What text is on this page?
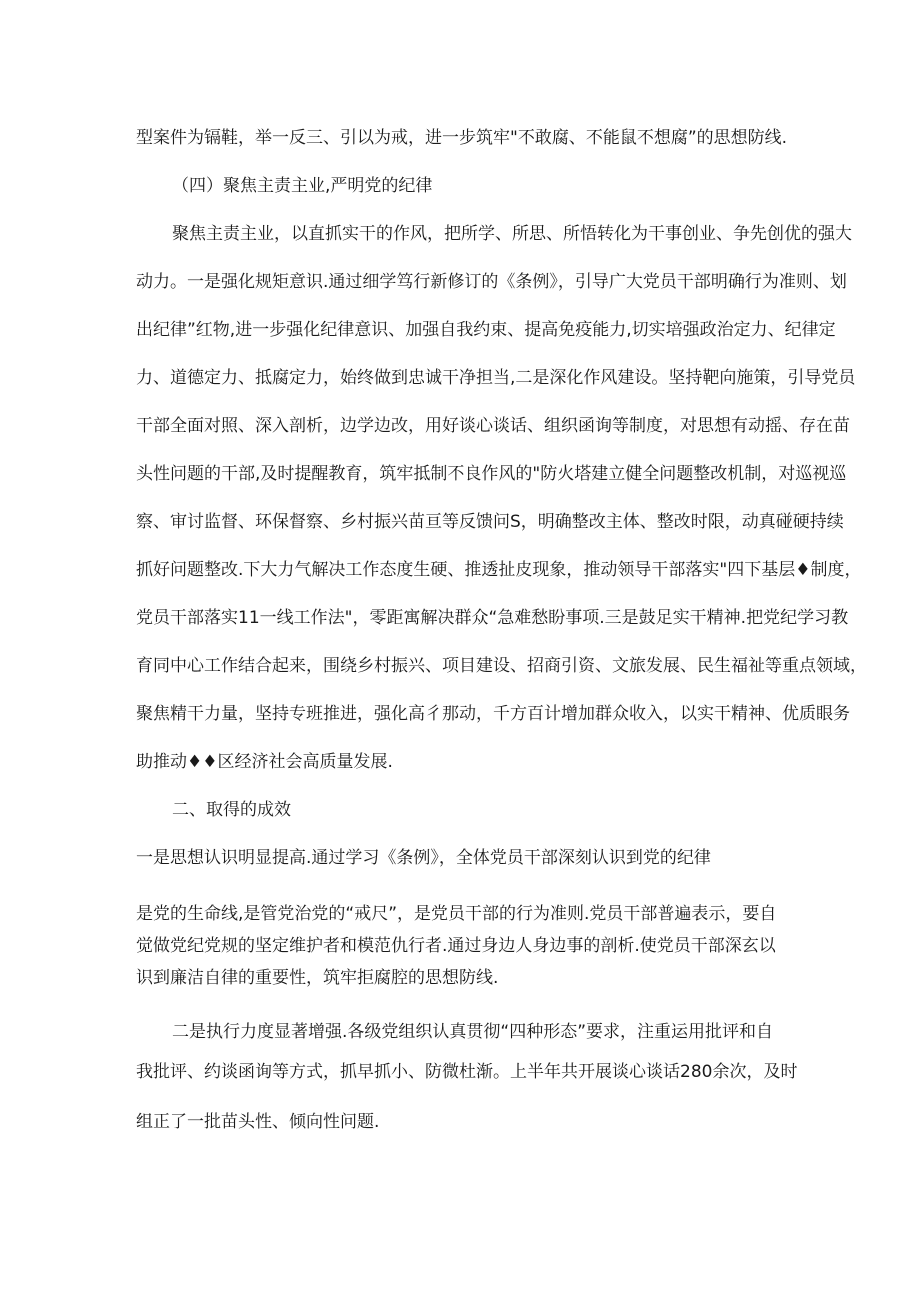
型案件为镉鞋，举一反三、引以为戒，进一步筑牢"不敢腐、不能鼠不想腐”的思想防线.
（四）聚焦主责主业,严明党的纪律
聚焦主责主业，以直抓实干的作风，把所学、所思、所悟转化为干事创业、争先创优的强大
动力。一是强化规矩意识.通过细学笃行新修订的《条例》，引导广大党员干部明确行为准则、划
出纪律”红物,进一步强化纪律意识、加强自我约束、提高免疫能力,切实培强政治定力、纪律定
力、道德定力、抵腐定力，始终做到忠诚干净担当,二是深化作风建设。坚持靶向施策，引导党员
干部全面对照、深入剖析，边学边改，用好谈心谈话、组织函询等制度，对思想有动摇、存在苗
头性问题的干部,及时提醒教育，筑牢抵制不良作风的"防火塔建立健全问题整改机制，对巡视巡
察、审讨监督、环保督察、乡村振兴苗亘等反馈问S，明确整改主体、整改时限，动真碰硬持续
抓好问题整改.下大力气解决工作态度生硬、推透扯皮现象，推动领导干部落实"四下基层♦制度，
党员干部落实11一线工作法"，零距寓解决群众“急难愁盼事项.三是鼓足实干精神.把党纪学习教
育同中心工作结合起来，围绕乡村振兴、项目建设、招商引资、文旅发展、民生福祉等重点领域，
聚焦精干力量，坚持专班推进，强化高彳那动，千方百计增加群众收入，以实干精神、优质眼务
助推动♦♦区经济社会高质量发展.
二、取得的成效
一是思想认识明显提高.通过学习《条例》，全体党员干部深刻认识到党的纪律
是党的生命线,是管党治党的“戒尺”，是党员干部的行为准则.党员干部普遍表示，要自
觉做党纪党规的坚定维护者和模范仇行者.通过身边人身边事的剖析.使党员干部深玄以
识到廉洁自律的重要性，筑牢拒腐腔的思想防线.
二是执行力度显著增强.各级党组织认真贯彻“四种形态”要求，注重运用批评和自
我批评、约谈函询等方式，抓早抓小、防微杜渐。上半年共开展谈心谈话280余次，及时
组正了一批苗头性、倾向性问题.
